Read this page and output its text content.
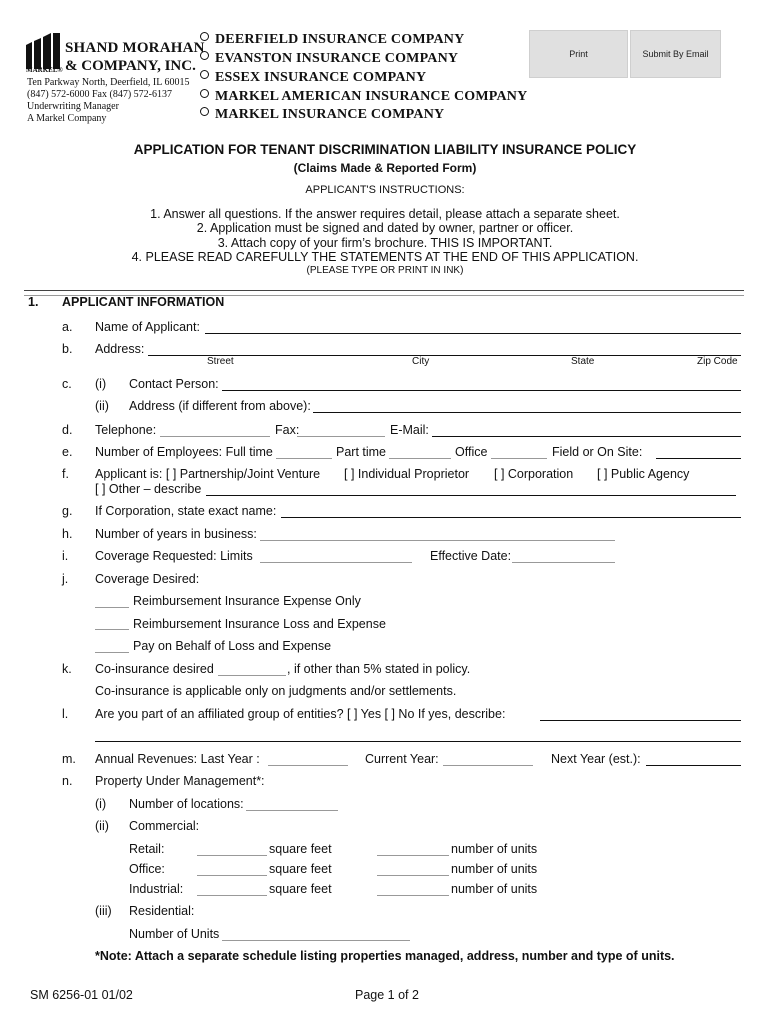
SHAND MORAHAN
& COMPANY, INC.
MARKEL®
Ten Parkway North, Deerfield, IL 60015
(847) 572-6000 Fax (847) 572-6137
Underwriting Manager
A Markel Company
DEERFIELD INSURANCE COMPANY
EVANSTON INSURANCE COMPANY
ESSEX INSURANCE COMPANY
MARKEL AMERICAN INSURANCE COMPANY
MARKEL INSURANCE COMPANY
Print	Submit By Email
APPLICATION FOR TENANT DISCRIMINATION LIABILITY INSURANCE POLICY
(Claims Made & Reported Form)
APPLICANT'S INSTRUCTIONS:
1. Answer all questions. If the answer requires detail, please attach a separate sheet.
2. Application must be signed and dated by owner, partner or officer.
3. Attach copy of your firm’s brochure. THIS IS IMPORTANT.
4. PLEASE READ CAREFULLY THE STATEMENTS AT THE END OF THIS APPLICATION.
(PLEASE TYPE OR PRINT IN INK)
1. APPLICANT INFORMATION
a. Name of Applicant:
b. Address:
Street	City	State	Zip Code
c. (i) Contact Person:
(ii) Address (if different from above):
d. Telephone:	Fax:	E-Mail:
e. Number of Employees: Full time	Part time	Office	Field or On Site:
f. Applicant is: [ ] Partnership/Joint Venture [ ] Individual Proprietor [ ] Corporation [ ] Public Agency
[ ] Other – describe
g. If Corporation, state exact name:
h. Number of years in business:
i. Coverage Requested: Limits	Effective Date:
j. Coverage Desired:
Reimbursement Insurance Expense Only
Reimbursement Insurance Loss and Expense
Pay on Behalf of Loss and Expense
k. Co-insurance desired	, if other than 5% stated in policy.
Co-insurance is applicable only on judgments and/or settlements.
l. Are you part of an affiliated group of entities? [ ] Yes [ ] No If yes, describe:
m. Annual Revenues: Last Year :	Current Year:	Next Year (est.):
n. Property Under Management*:
(i) Number of locations:
(ii) Commercial:
Retail:	square feet	number of units
Office:	square feet	number of units
Industrial:	square feet	number of units
(iii) Residential:
Number of Units
*Note: Attach a separate schedule listing properties managed, address, number and type of units.
SM 6256-01 01/02	Page 1 of 2
